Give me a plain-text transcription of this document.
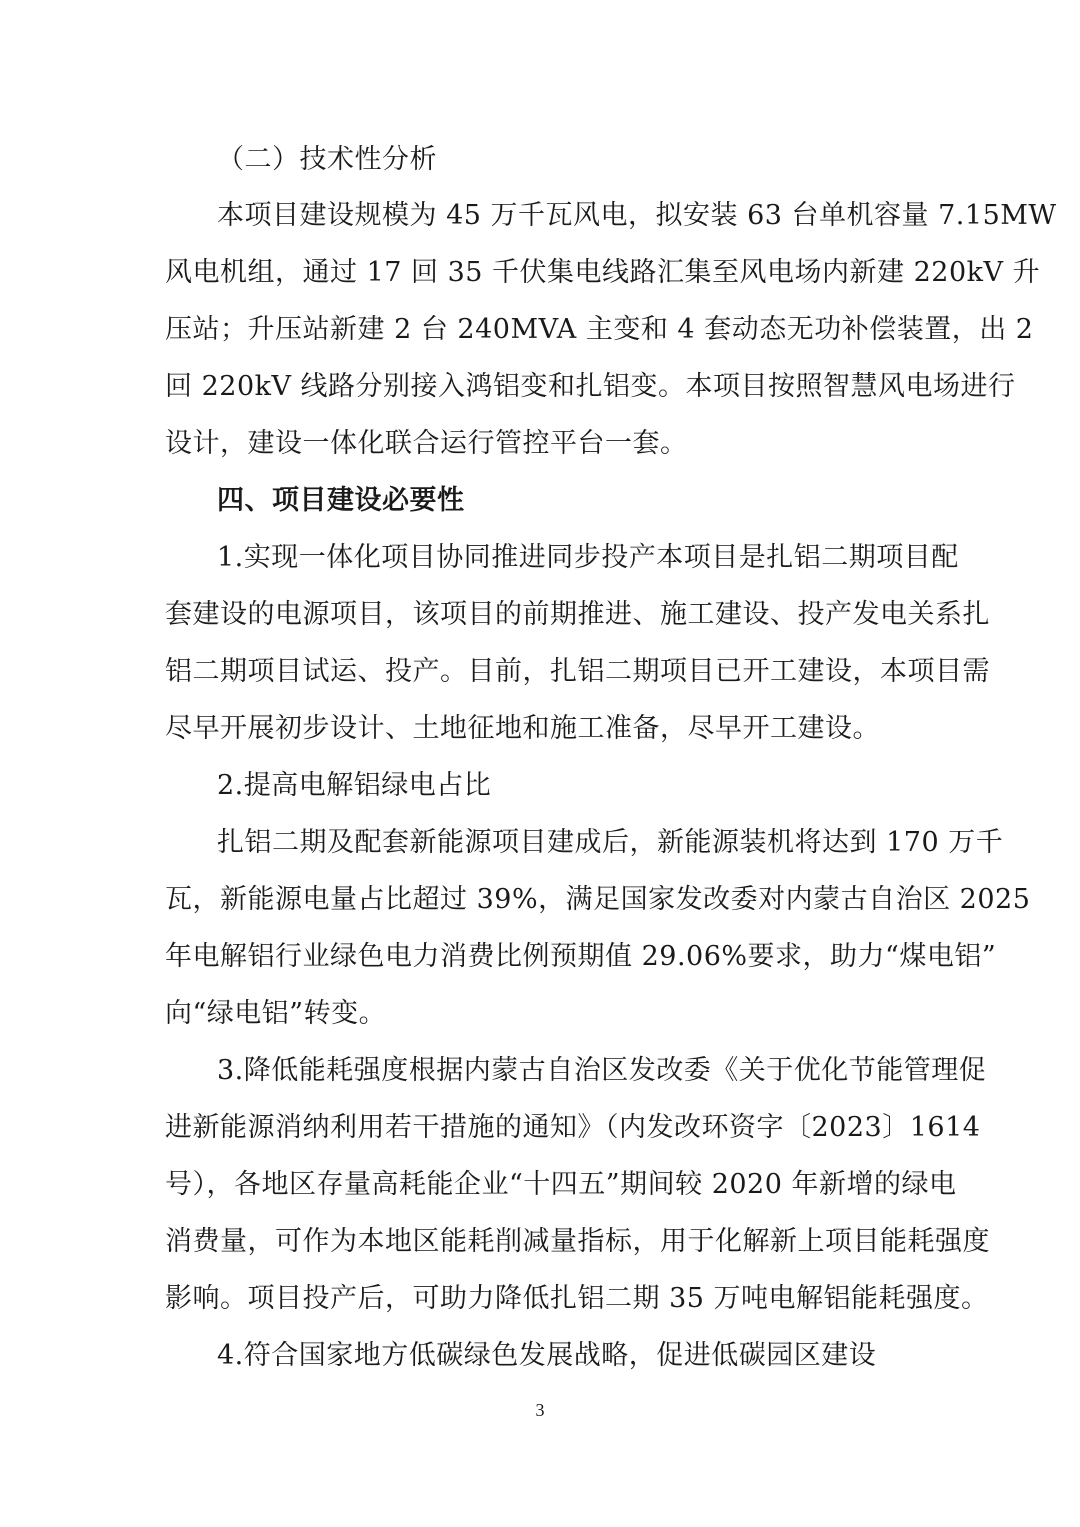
（二）技术性分析
本项目建设规模为 45 万千瓦风电，拟安装 63 台单机容量 7.15MW
风电机组，通过 17 回 35 千伏集电线路汇集至风电场内新建 220kV 升
压站；升压站新建 2 台 240MVA 主变和 4 套动态无功补偿装置，出 2
回 220kV 线路分别接入鸿铝变和扎铝变。本项目按照智慧风电场进行
设计，建设一体化联合运行管控平台一套。
四、项目建设必要性
1.实现一体化项目协同推进同步投产本项目是扎铝二期项目配
套建设的电源项目，该项目的前期推进、施工建设、投产发电关系扎
铝二期项目试运、投产。目前，扎铝二期项目已开工建设，本项目需
尽早开展初步设计、土地征地和施工准备，尽早开工建设。
2.提高电解铝绿电占比
扎铝二期及配套新能源项目建成后，新能源装机将达到 170 万千
瓦，新能源电量占比超过 39%，满足国家发改委对内蒙古自治区 2025
年电解铝行业绿色电力消费比例预期值 29.06%要求，助力“煤电铝”
向“绿电铝”转变。
3.降低能耗强度根据内蒙古自治区发改委《关于优化节能管理促
进新能源消纳利用若干措施的通知》（内发改环资字〔2023〕1614
号），各地区存量高耗能企业“十四五”期间较 2020 年新增的绿电
消费量，可作为本地区能耗削减量指标，用于化解新上项目能耗强度
影响。项目投产后，可助力降低扎铝二期 35 万吨电解铝能耗强度。
4.符合国家地方低碳绿色发展战略，促进低碳园区建设
3
